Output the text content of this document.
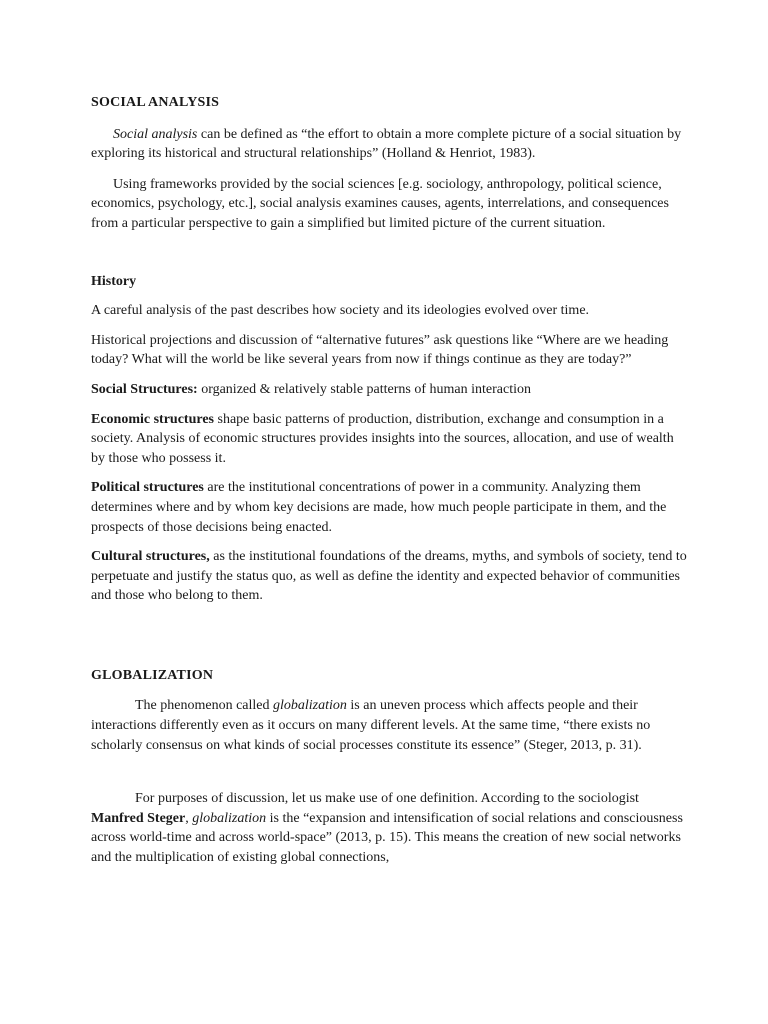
SOCIAL ANALYSIS

Social analysis can be defined as “the effort to obtain a more complete picture of a social situation by exploring its historical and structural relationships” (Holland & Henriot, 1983).

Using frameworks provided by the social sciences [e.g. sociology, anthropology, political science, economics, psychology, etc.], social analysis examines causes, agents, interrelations, and consequences from a particular perspective to gain a simplified but limited picture of the current situation.

History

A careful analysis of the past describes how society and its ideologies evolved over time.

Historical projections and discussion of “alternative futures” ask questions like “Where are we heading today? What will the world be like several years from now if things continue as they are today?”

Social Structures: organized & relatively stable patterns of human interaction

Economic structures shape basic patterns of production, distribution, exchange and consumption in a society. Analysis of economic structures provides insights into the sources, allocation, and use of wealth by those who possess it.

Political structures are the institutional concentrations of power in a community. Analyzing them determines where and by whom key decisions are made, how much people participate in them, and the prospects of those decisions being enacted.

Cultural structures, as the institutional foundations of the dreams, myths, and symbols of society, tend to perpetuate and justify the status quo, as well as define the identity and expected behavior of communities and those who belong to them.

GLOBALIZATION

The phenomenon called globalization is an uneven process which affects people and their interactions differently even as it occurs on many different levels. At the same time, “there exists no scholarly consensus on what kinds of social processes constitute its essence” (Steger, 2013, p. 31).

For purposes of discussion, let us make use of one definition. According to the sociologist Manfred Steger, globalization is the “expansion and intensification of social relations and consciousness across world-time and across world-space” (2013, p. 15). This means the creation of new social networks and the multiplication of existing global connections,
